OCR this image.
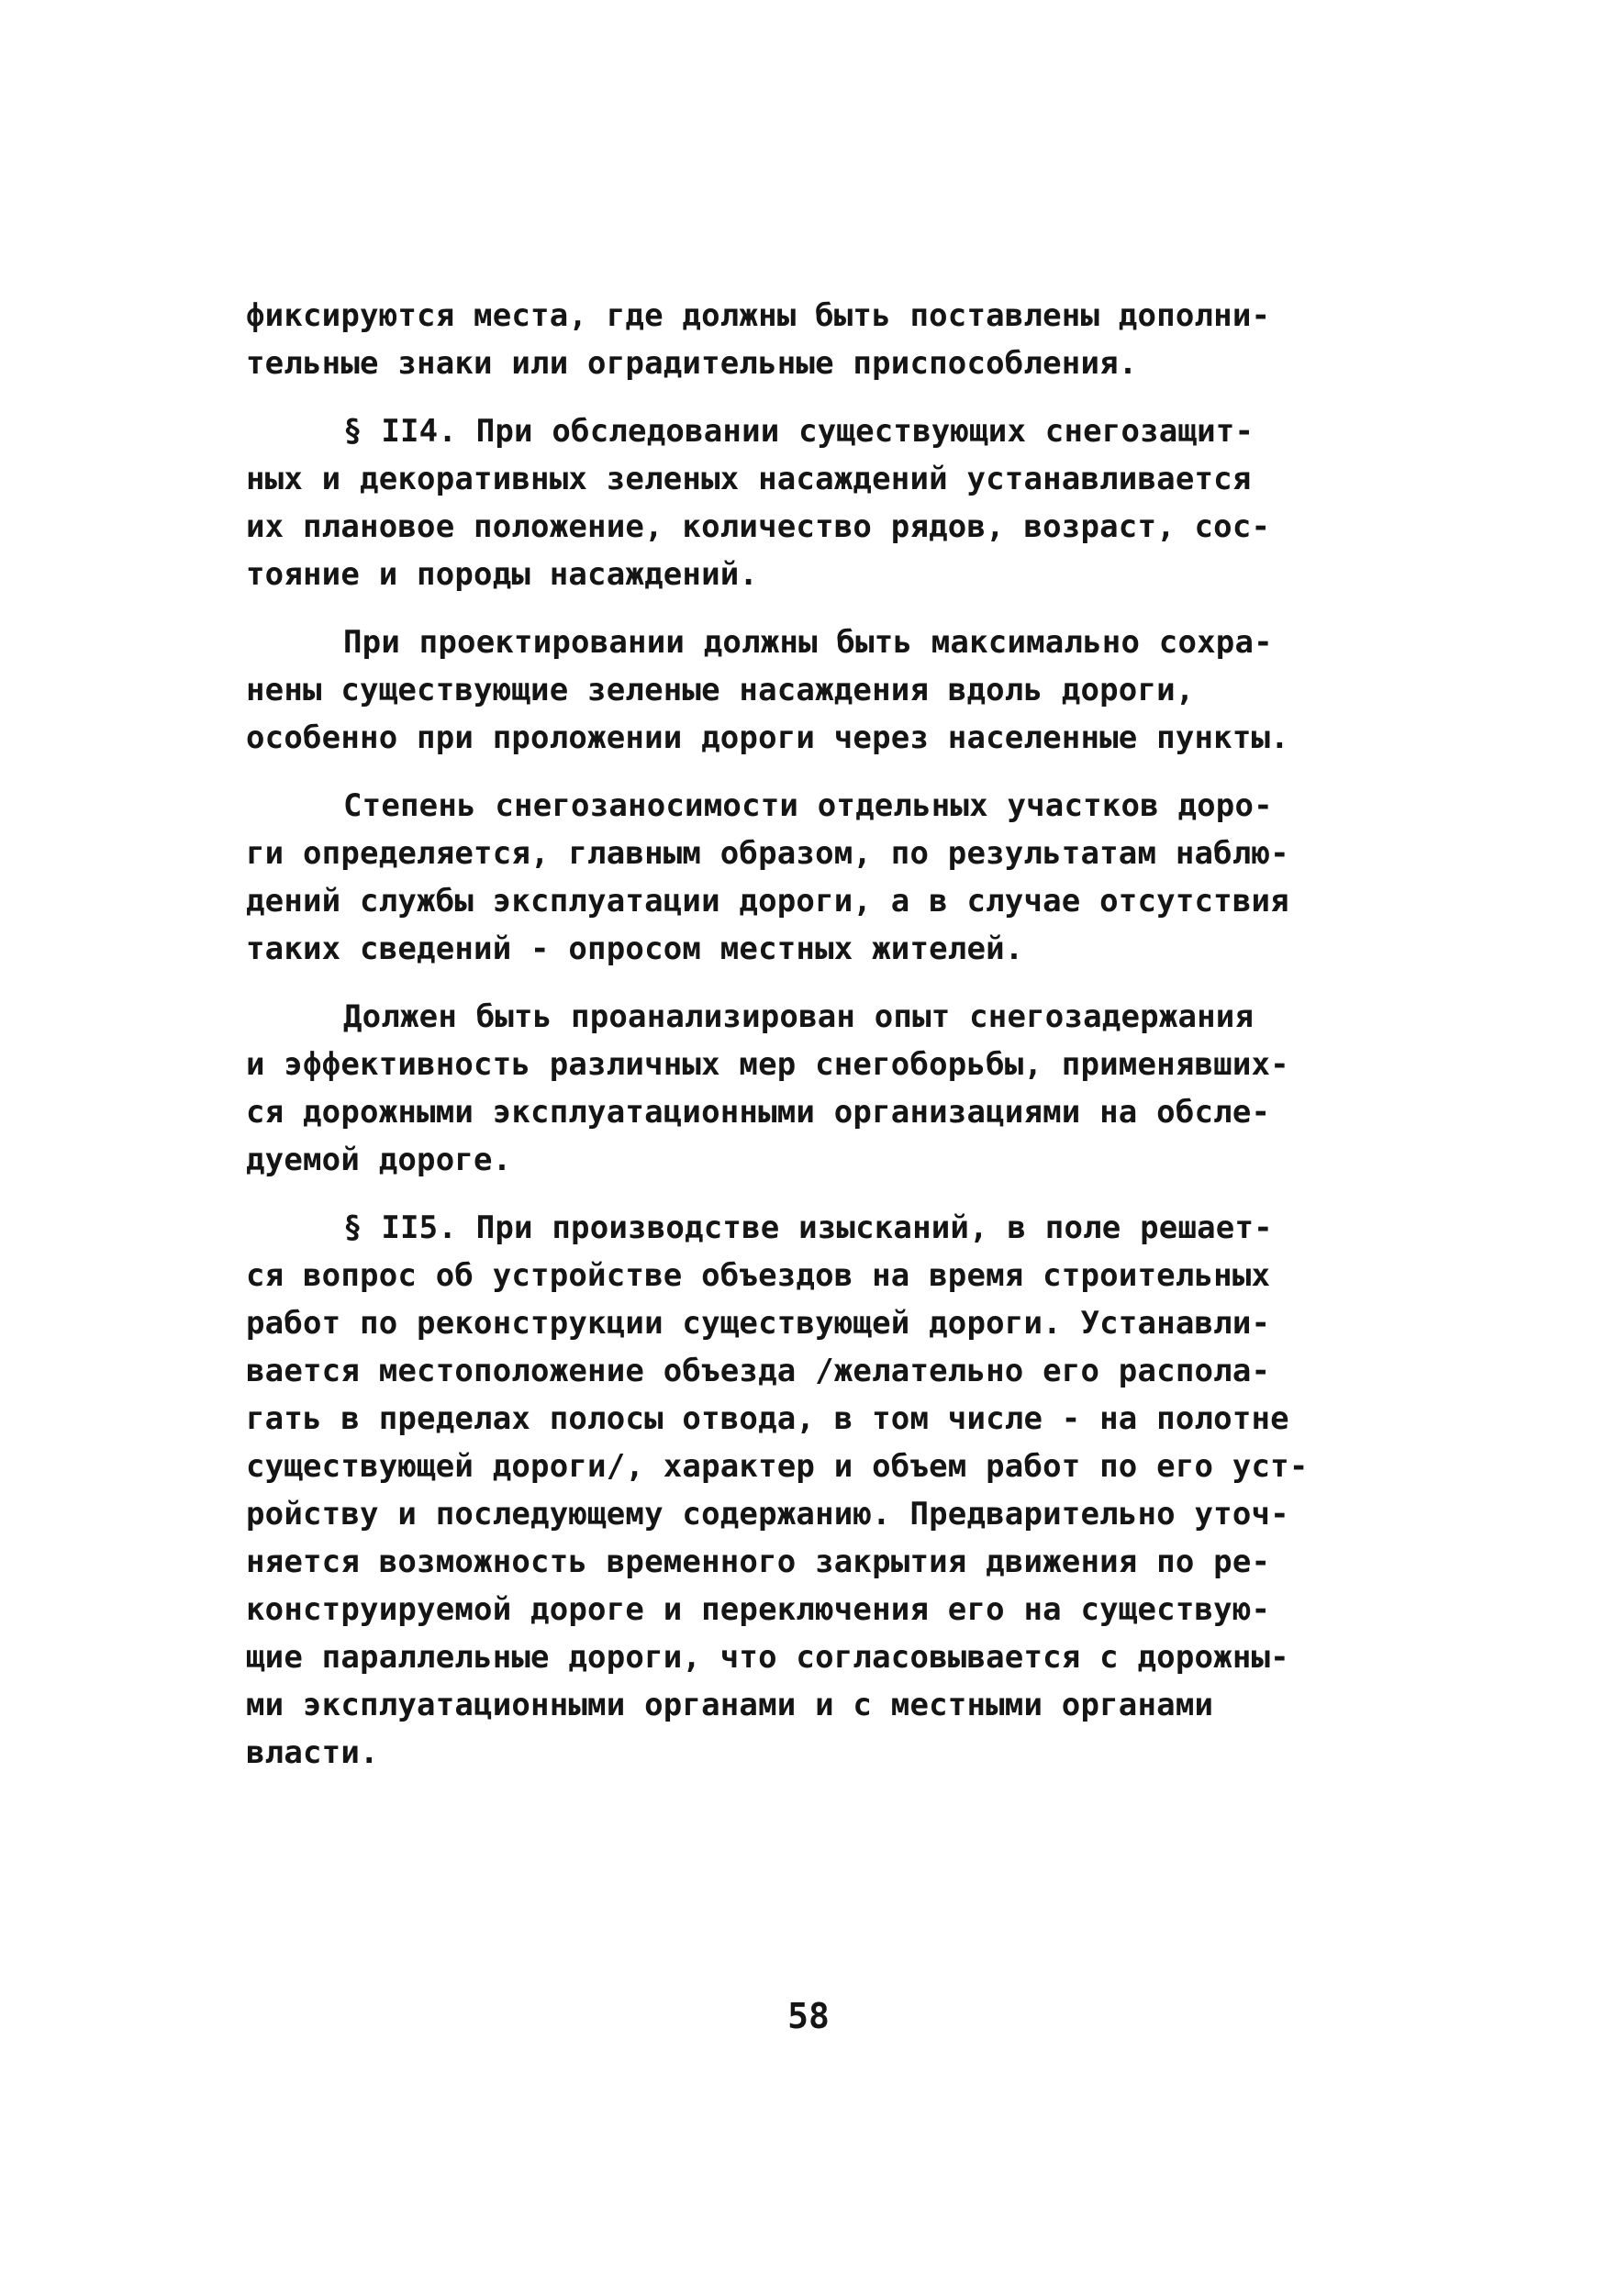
фиксируются места, где должны быть поставлены дополни-
тельные знаки или оградительные приспособления.
§ II4. При обследовании существующих снегозащит-
ных и декоративных зеленых насаждений устанавливается
их плановое положение, количество рядов, возраст, сос-
тояние и породы насаждений.
При проектировании должны быть максимально сохра-
нены существующие зеленые насаждения вдоль дороги,
особенно при проложении дороги через населенные пункты.
Степень снегозаносимости отдельных участков доро-
ги определяется, главным образом, по результатам наблю-
дений службы эксплуатации дороги, а в случае отсутствия
таких сведений - опросом местных жителей.
Должен быть проанализирован опыт снегозадержания
и эффективность различных мер снегоборьбы, применявших-
ся дорожными эксплуатационными организациями на обсле-
дуемой дороге.
§ II5. При производстве изысканий, в поле решает-
ся вопрос об устройстве объездов на время строительных
работ по реконструкции существующей дороги. Устанавли-
вается местоположение объезда /желательно его распола-
гать в пределах полосы отвода, в том числе - на полотне
существующей дороги/, характер и объем работ по его уст-
ройству и последующему содержанию. Предварительно уточ-
няется возможность временного закрытия движения по ре-
конструируемой дороге и переключения его на существую-
щие параллельные дороги, что согласовывается с дорожны-
ми эксплуатационными органами и с местными органами
власти.
58
